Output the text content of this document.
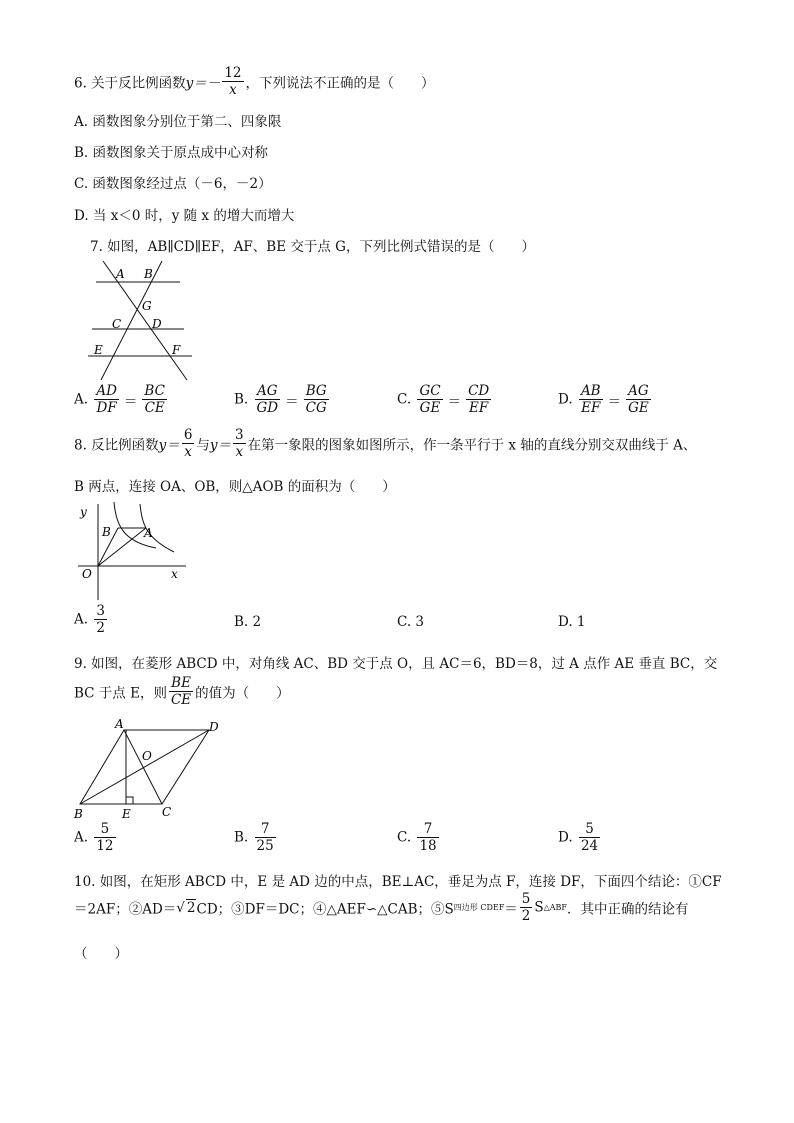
6. 关于反比例函数$y=- \frac{12}{x}$ ，下列说法不正确的是（　　）
A. 函数图象分别位于第二、四象限
B. 函数图象关于原点成中心对称
C. 函数图象经过点（－6，－2）
D. 当 x＜0 时，y 随 x 的增大而增大
7. 如图，AB∥CD∥EF，AF、BE 交于点 G，下列比例式错误的是（　　）
A B
G
C	D
E	F
A. $\frac{AD}{DF} = \frac{BC}{CE}$	B. $\frac{AG}{GD} = \frac{BG}{CG}$	C. $\frac{GC}{GE} = \frac{CD}{EF}$	D. $\frac{AB}{EF} = \frac{AG}{GE}$
8. 反比例函数$y= \frac{6}{x}$ 与$y= \frac{3}{x}$ 在第一象限的图象如图所示，作一条平行于 x 轴的直线分别交双曲线于 A、
B 两点，连接 OA、OB，则△AOB 的面积为（　　）
y
x
O
B	A
A. $\frac{3}{2}$	B. 2	C. 3	D. 1
9. 如图，在菱形 ABCD 中，对角线 AC、BD 交于点 O，且 AC＝6，BD＝8，过 A 点作 AE 垂直 BC，交
BC 于点 E，则 $\frac{BE}{CE}$ 的值为（　　）
A	D
O
B	E	C
A. $\frac{5}{12}$	B. $\frac{7}{25}$	C. $\frac{7}{18}$	D. $\frac{5}{24}$
10. 如图，在矩形 ABCD 中，E 是 AD 边的中点，BE⊥AC，垂足为点 F，连接 DF，下面四个结论：①CF
＝2AF；②AD＝√ 2CD；③DF＝DC；④△AEF∽△CAB；⑤S四边形 CDEF＝ $\frac{5}{2}$ S△ABF．其中正确的结论有
（　　）
